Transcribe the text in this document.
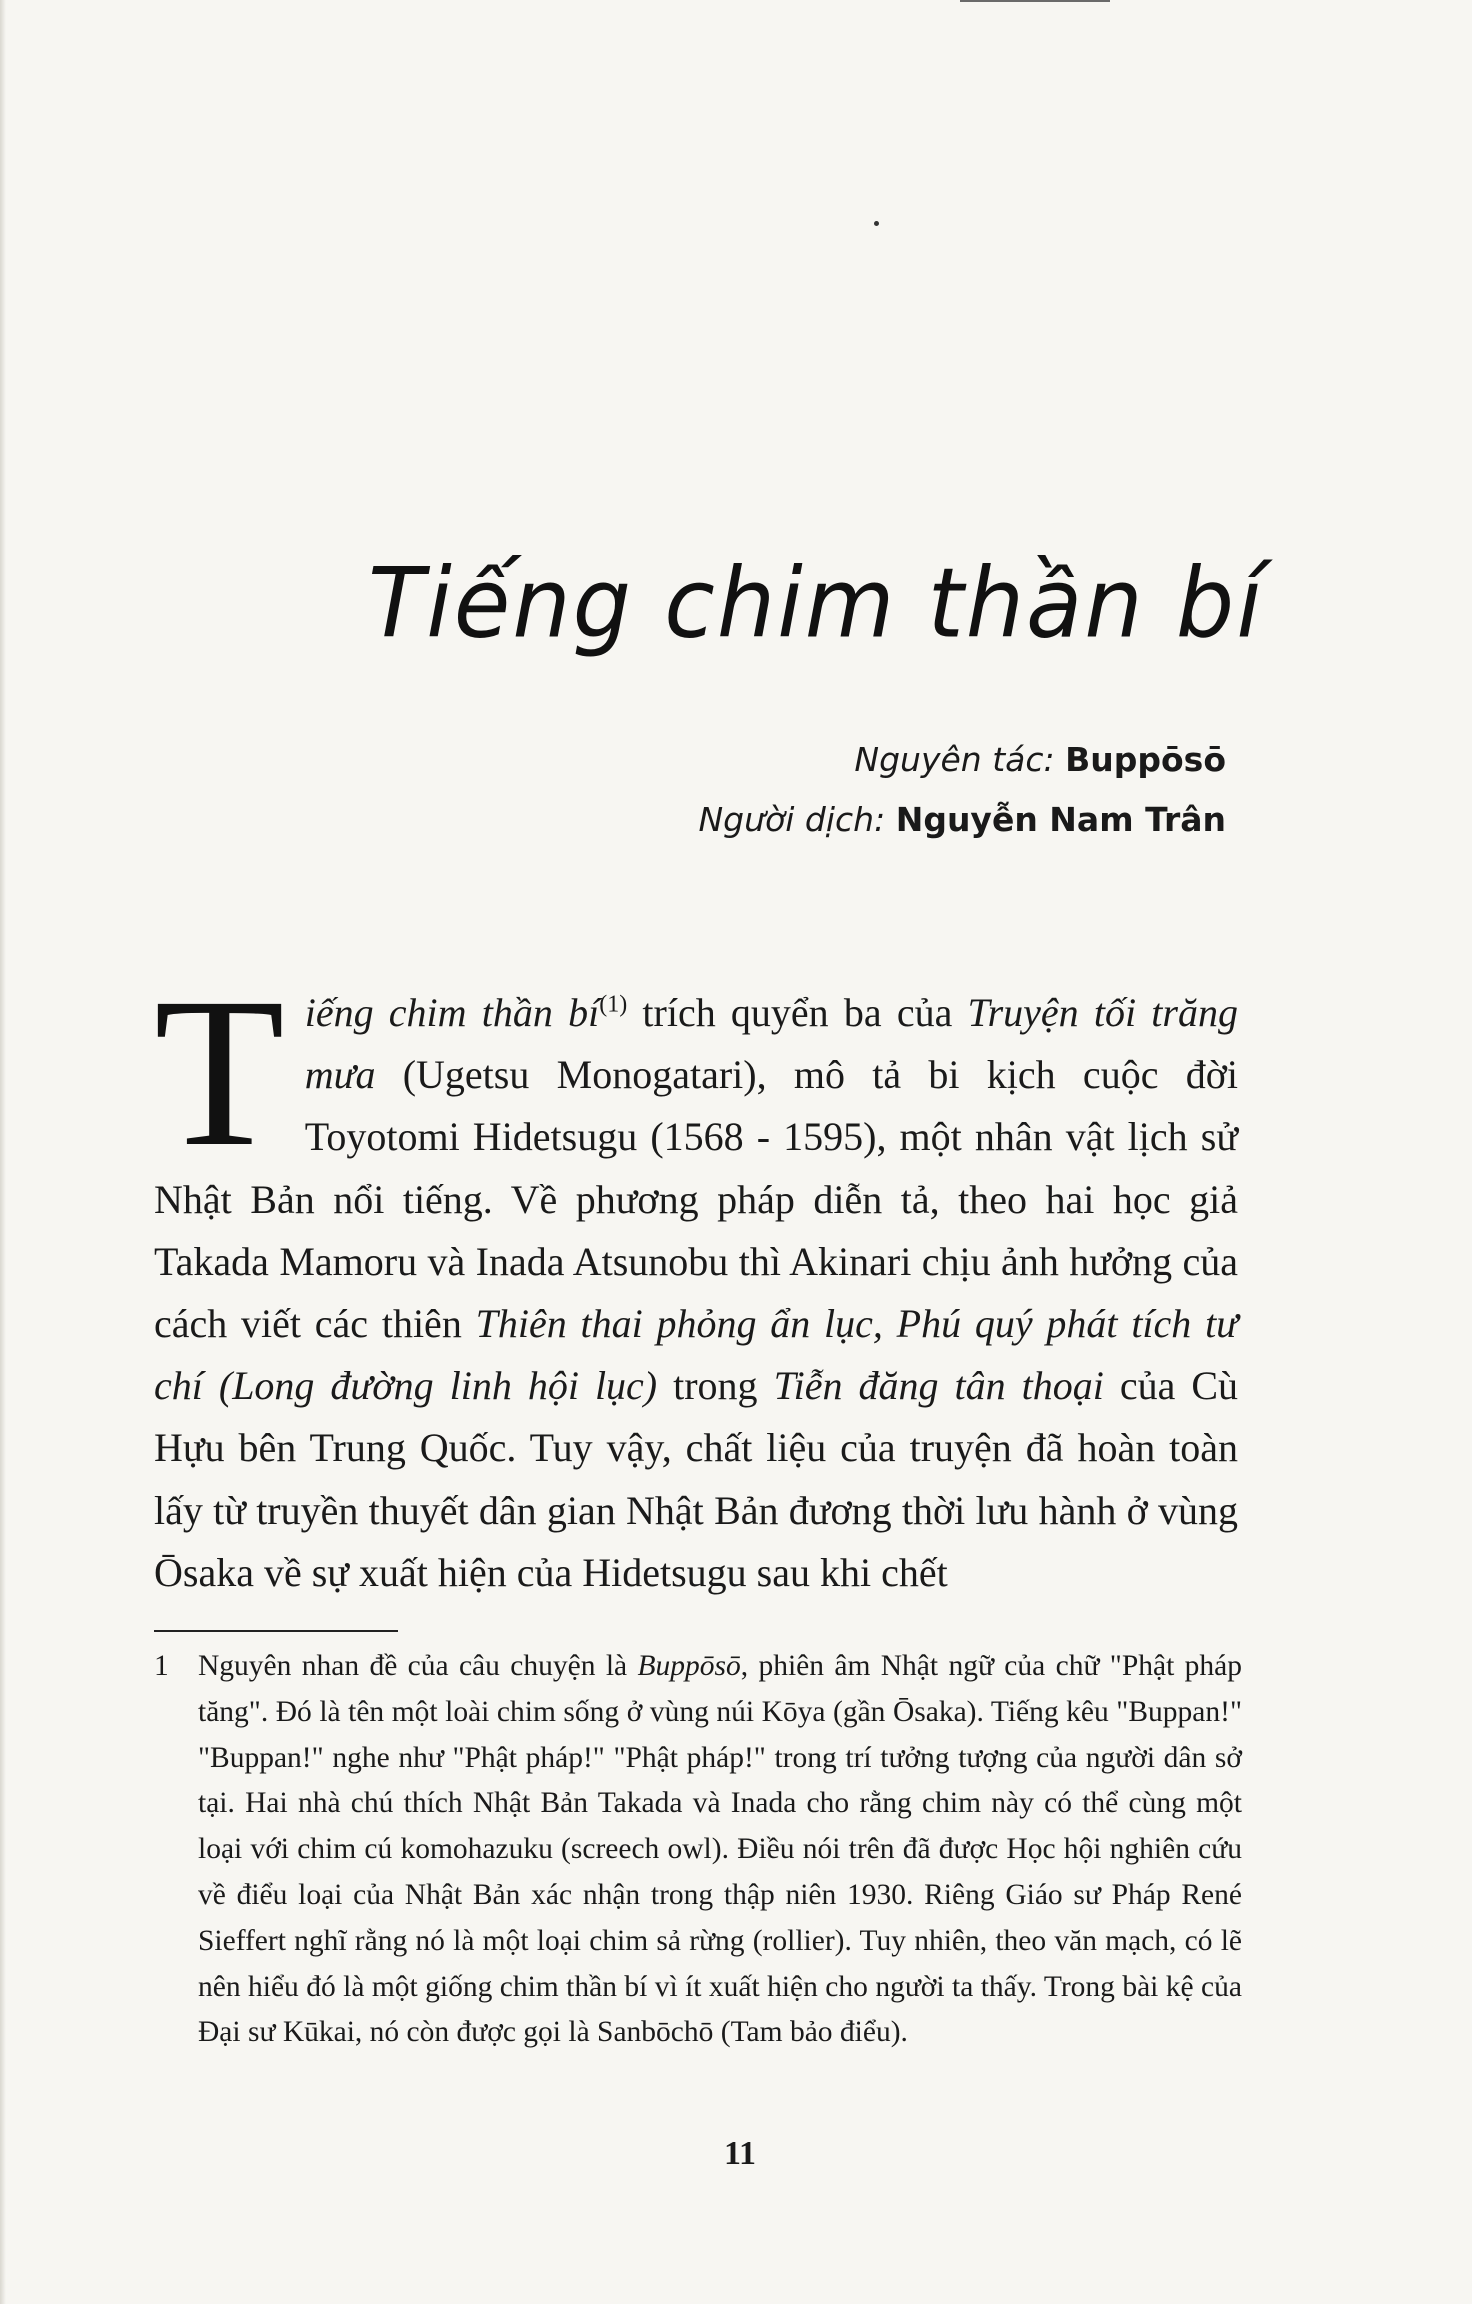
Tiếng chim thần bí
Nguyên tác: Buppōsō
Người dịch: Nguyễn Nam Trân

Tiếng chim thần bí$^{(1)}$ trích quyển ba của Truyện tối trăng mưa (Ugetsu Monogatari), mô tả bi kịch cuộc đời Toyotomi Hidetsugu (1568 - 1595), một nhân vật lịch sử Nhật Bản nổi tiếng. Về phương pháp diễn tả, theo hai học giả Takada Mamoru và Inada Atsunobu thì Akinari chịu ảnh hưởng của cách viết các thiên Thiên thai phỏng ẩn lục, Phú quý phát tích tư chí (Long đường linh hội lục) trong Tiễn đăng tân thoại của Cù Hựu bên Trung Quốc. Tuy vậy, chất liệu của truyện đã hoàn toàn lấy từ truyền thuyết dân gian Nhật Bản đương thời lưu hành ở vùng Ōsaka về sự xuất hiện của Hidetsugu sau khi chết

1 Nguyên nhan đề của câu chuyện là Buppōsō, phiên âm Nhật ngữ của chữ "Phật pháp tăng". Đó là tên một loài chim sống ở vùng núi Kōya (gần Ōsaka). Tiếng kêu "Buppan!" "Buppan!" nghe như "Phật pháp!" "Phật pháp!" trong trí tưởng tượng của người dân sở tại. Hai nhà chú thích Nhật Bản Takada và Inada cho rằng chim này có thể cùng một loại với chim cú komohazuku (screech owl). Điều nói trên đã được Học hội nghiên cứu về điểu loại của Nhật Bản xác nhận trong thập niên 1930. Riêng Giáo sư Pháp René Sieffert nghĩ rằng nó là một loại chim sả rừng (rollier). Tuy nhiên, theo văn mạch, có lẽ nên hiểu đó là một giống chim thần bí vì ít xuất hiện cho người ta thấy. Trong bài kệ của Đại sư Kūkai, nó còn được gọi là Sanbōchō (Tam bảo điểu).
11
